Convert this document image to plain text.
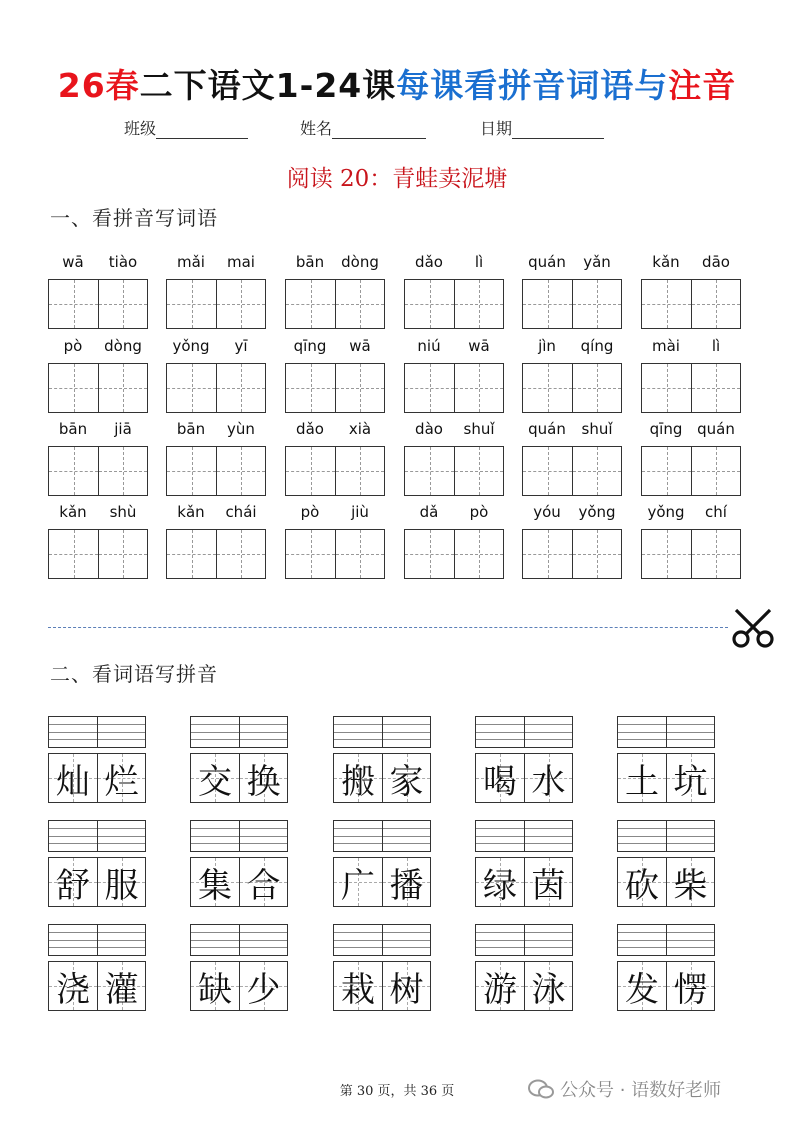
26春二下语文1-24课每课看拼音词语与注音
班级	姓名	日期
阅读 20：青蛙卖泥塘
一、看拼音写词语
wā	tiào	mǎi	mai	bān	dòng	dǎo	lì	quán	yǎn	kǎn	dāo
pò	dòng	yǒng	yī	qīng	wā	niú	wā	jìn	qíng	mài	lì
bān	jiā	bān	yùn	dǎo	xià	dào	shuǐ	quán	shuǐ	qīng quán
kǎn	shù	kǎn	chái	pò	jiù	dǎ	pò	yóu	yǒng	yǒng	chí
二、看词语写拼音
灿 烂 交 换 搬 家 喝 水 土 坑
舒 服 集 合 广 播 绿 茵 砍 柴
浇 灌 缺 少 栽 树 游 泳 发 愣
第 30 页，共 36 页	公众号 · 语数好老师
